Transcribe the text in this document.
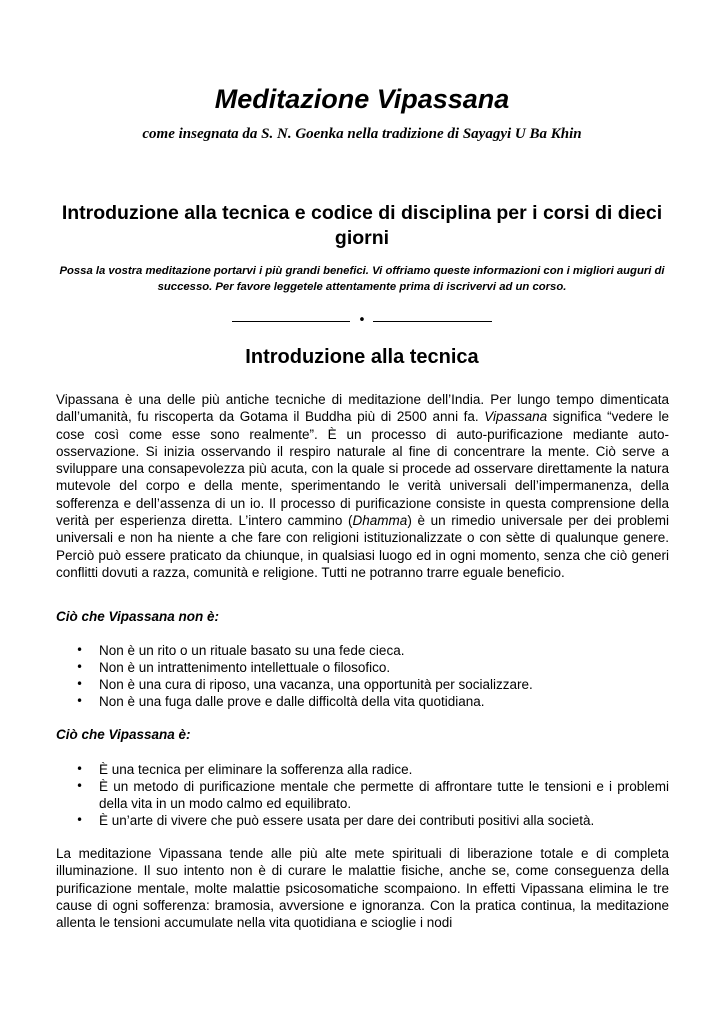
Meditazione Vipassana

come insegnata da S. N. Goenka nella tradizione di Sayagyi U Ba Khin

Introduzione alla tecnica e codice di disciplina per i corsi di dieci giorni

Possa la vostra meditazione portarvi i più grandi benefici. Vi offriamo queste informazioni con i migliori auguri di successo. Per favore leggetele attentamente prima di iscrivervi ad un corso.

•
Introduzione alla tecnica

Vipassana è una delle più antiche tecniche di meditazione dell’India. Per lungo tempo dimenticata dall’umanità, fu riscoperta da Gotama il Buddha più di 2500 anni fa. Vipassana significa “vedere le cose così come esse sono realmente”. È un processo di auto-purificazione mediante auto-osservazione. Si inizia osservando il respiro naturale al fine di concentrare la mente. Ciò serve a sviluppare una consapevolezza più acuta, con la quale si procede ad osservare direttamente la natura mutevole del corpo e della mente, sperimentando le verità universali dell’impermanenza, della sofferenza e dell’assenza di un io. Il processo di purificazione consiste in questa comprensione della verità per esperienza diretta. L’intero cammino (Dhamma) è un rimedio universale per dei problemi universali e non ha niente a che fare con religioni istituzionalizzate o con sètte di qualunque genere. Perciò può essere praticato da chiunque, in qualsiasi luogo ed in ogni momento, senza che ciò generi conflitti dovuti a razza, comunità e religione. Tutti ne potranno trarre eguale beneficio.

Ciò che Vipassana non è:

• Non è un rito o un rituale basato su una fede cieca.
• Non è un intrattenimento intellettuale o filosofico.
• Non è una cura di riposo, una vacanza, una opportunità per socializzare.
• Non è una fuga dalle prove e dalle difficoltà della vita quotidiana.

Ciò che Vipassana è:

• È una tecnica per eliminare la sofferenza alla radice.
• È un metodo di purificazione mentale che permette di affrontare tutte le tensioni e i problemi della vita in un modo calmo ed equilibrato.
• È un’arte di vivere che può essere usata per dare dei contributi positivi alla società.

La meditazione Vipassana tende alle più alte mete spirituali di liberazione totale e di completa illuminazione. Il suo intento non è di curare le malattie fisiche, anche se, come conseguenza della purificazione mentale, molte malattie psicosomatiche scompaiono. In effetti Vipassana elimina le tre cause di ogni sofferenza: bramosia, avversione e ignoranza. Con la pratica continua, la meditazione allenta le tensioni accumulate nella vita quotidiana e scioglie i nodi
